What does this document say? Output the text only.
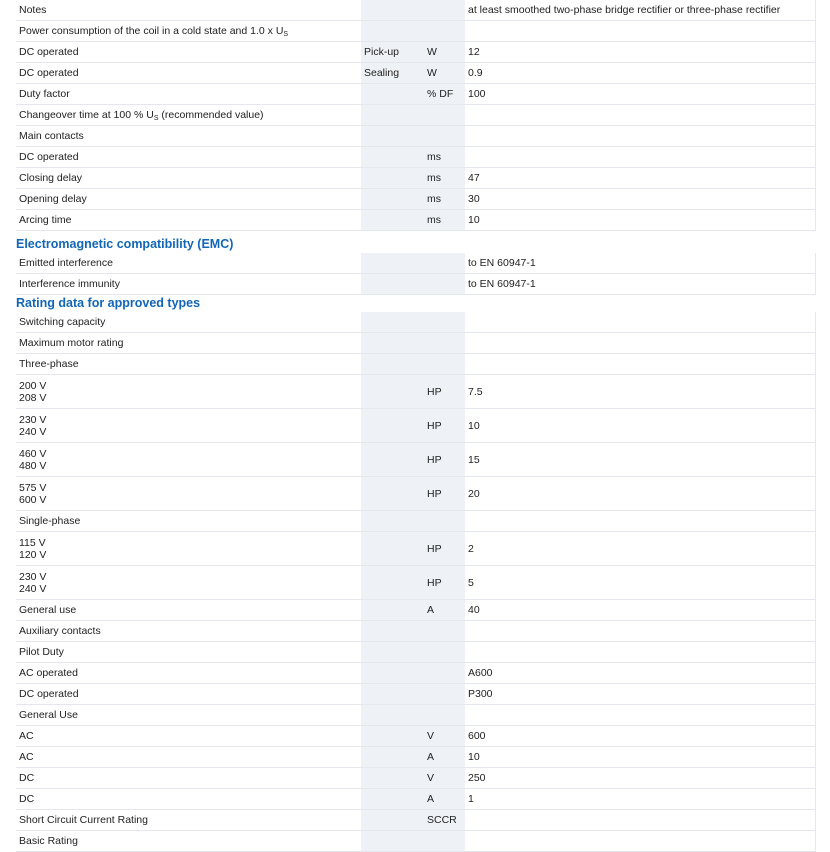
Notes			at least smoothed two-phase bridge rectifier or three-phase rectifier
Power consumption of the coil in a cold state and 1.0 x $U_S$			
DC operated	Pick-up	W	12
DC operated	Sealing	W	0.9
Duty factor		% DF	100
Changeover time at 100 % $U_S$ (recommended value)			
Main contacts			
DC operated		ms	
Closing delay		ms	47
Opening delay		ms	30
Arcing time		ms	10
Electromagnetic compatibility (EMC)
Emitted interference			to EN 60947-1
Interference immunity			to EN 60947-1
Rating data for approved types
Switching capacity			
Maximum motor rating			
Three-phase			

200 V
208 V		HP	7.5

230 V
240 V		HP	10

460 V
480 V		HP	15

575 V
600 V		HP	20
Single-phase			

115 V
120 V		HP	2

230 V
240 V		HP	5
General use		A	40
Auxiliary contacts			
Pilot Duty			
AC operated			A600
DC operated			P300
General Use			
AC		V	600
AC		A	10
DC		V	250
DC		A	1
Short Circuit Current Rating		SCCR	
Basic Rating			
